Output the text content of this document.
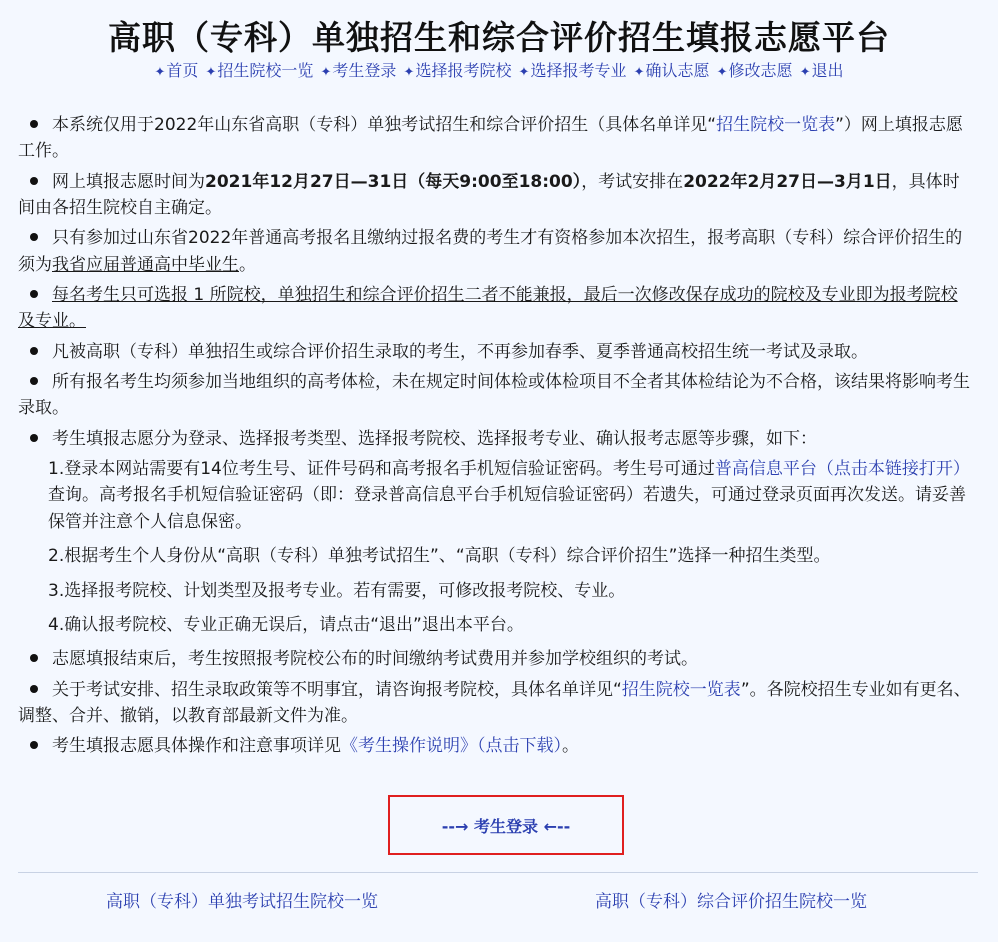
高职（专科）单独招生和综合评价招生填报志愿平台
✦ 首页 ✦ 招生院校一览 ✦ 考生登录 ✦ 选择报考院校 ✦ 选择报考专业 ✦ 确认志愿 ✦ 修改志愿 ✦ 退出
本系统仅用于2022年山东省高职（专科）单独考试招生和综合评价招生（具体名单详见“招生院校一览表”）网上填报志愿工作。
网上填报志愿时间为2021年12月27日—31日（每天9:00至18:00），考试安排在2022年2月27日—3月1日，具体时间由各招生院校自主确定。
只有参加过山东省2022年普通高考报名且缴纳过报名费的考生才有资格参加本次招生，报考高职（专科）综合评价招生的须为我省应届普通高中毕业生。
每名考生只可选报 1 所院校，单独招生和综合评价招生二者不能兼报，最后一次修改保存成功的院校及专业即为报考院校及专业。
凡被高职（专科）单独招生或综合评价招生录取的考生，不再参加春季、夏季普通高校招生统一考试及录取。
所有报名考生均须参加当地组织的高考体检，未在规定时间体检或体检项目不全者其体检结论为不合格，该结果将影响考生录取。
考生填报志愿分为登录、选择报考类型、选择报考院校、选择报考专业、确认报考志愿等步骤，如下：
1.登录本网站需要有14位考生号、证件号码和高考报名手机短信验证密码。考生号可通过普高信息平台（点击本链接打开）查询。高考报名手机短信验证密码（即：登录普高信息平台手机短信验证密码）若遗失，可通过登录页面再次发送。请妥善保管并注意个人信息保密。
2.根据考生个人身份从“高职（专科）单独考试招生”、“高职（专科）综合评价招生”选择一种招生类型。
3.选择报考院校、计划类型及报考专业。若有需要，可修改报考院校、专业。
4.确认报考院校、专业正确无误后，请点击“退出”退出本平台。
志愿填报结束后，考生按照报考院校公布的时间缴纳考试费用并参加学校组织的考试。
关于考试安排、招生录取政策等不明事宜，请咨询报考院校，具体名单详见“招生院校一览表”。各院校招生专业如有更名、调整、合并、撤销，以教育部最新文件为准。
考生填报志愿具体操作和注意事项详见《考生操作说明》（点击下载）。
--→ 考生登录 ←--
高职（专科）单独考试招生院校一览	高职（专科）综合评价招生院校一览
